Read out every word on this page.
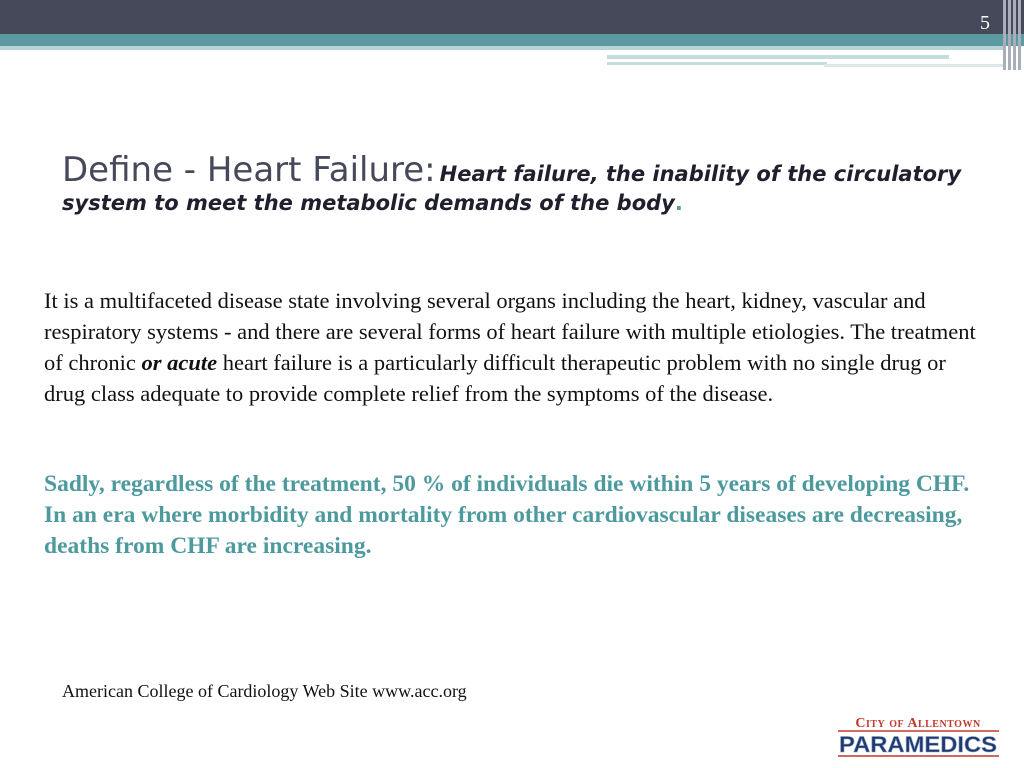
5
Define - Heart Failure: Heart failure, the inability of the circulatory system to meet the metabolic demands of the body.

It is a multifaceted disease state involving several organs including the heart, kidney, vascular and respiratory systems - and there are several forms of heart failure with multiple etiologies. The treatment of chronic or acute heart failure is a particularly difficult therapeutic problem with no single drug or drug class adequate to provide complete relief from the symptoms of the disease.

Sadly, regardless of the treatment, 50 % of individuals die within 5 years of developing CHF. In an era where morbidity and mortality from other cardiovascular diseases are decreasing, deaths from CHF are increasing.

American College of Cardiology Web Site www.acc.org
City of Allentown
PARAMEDICS
